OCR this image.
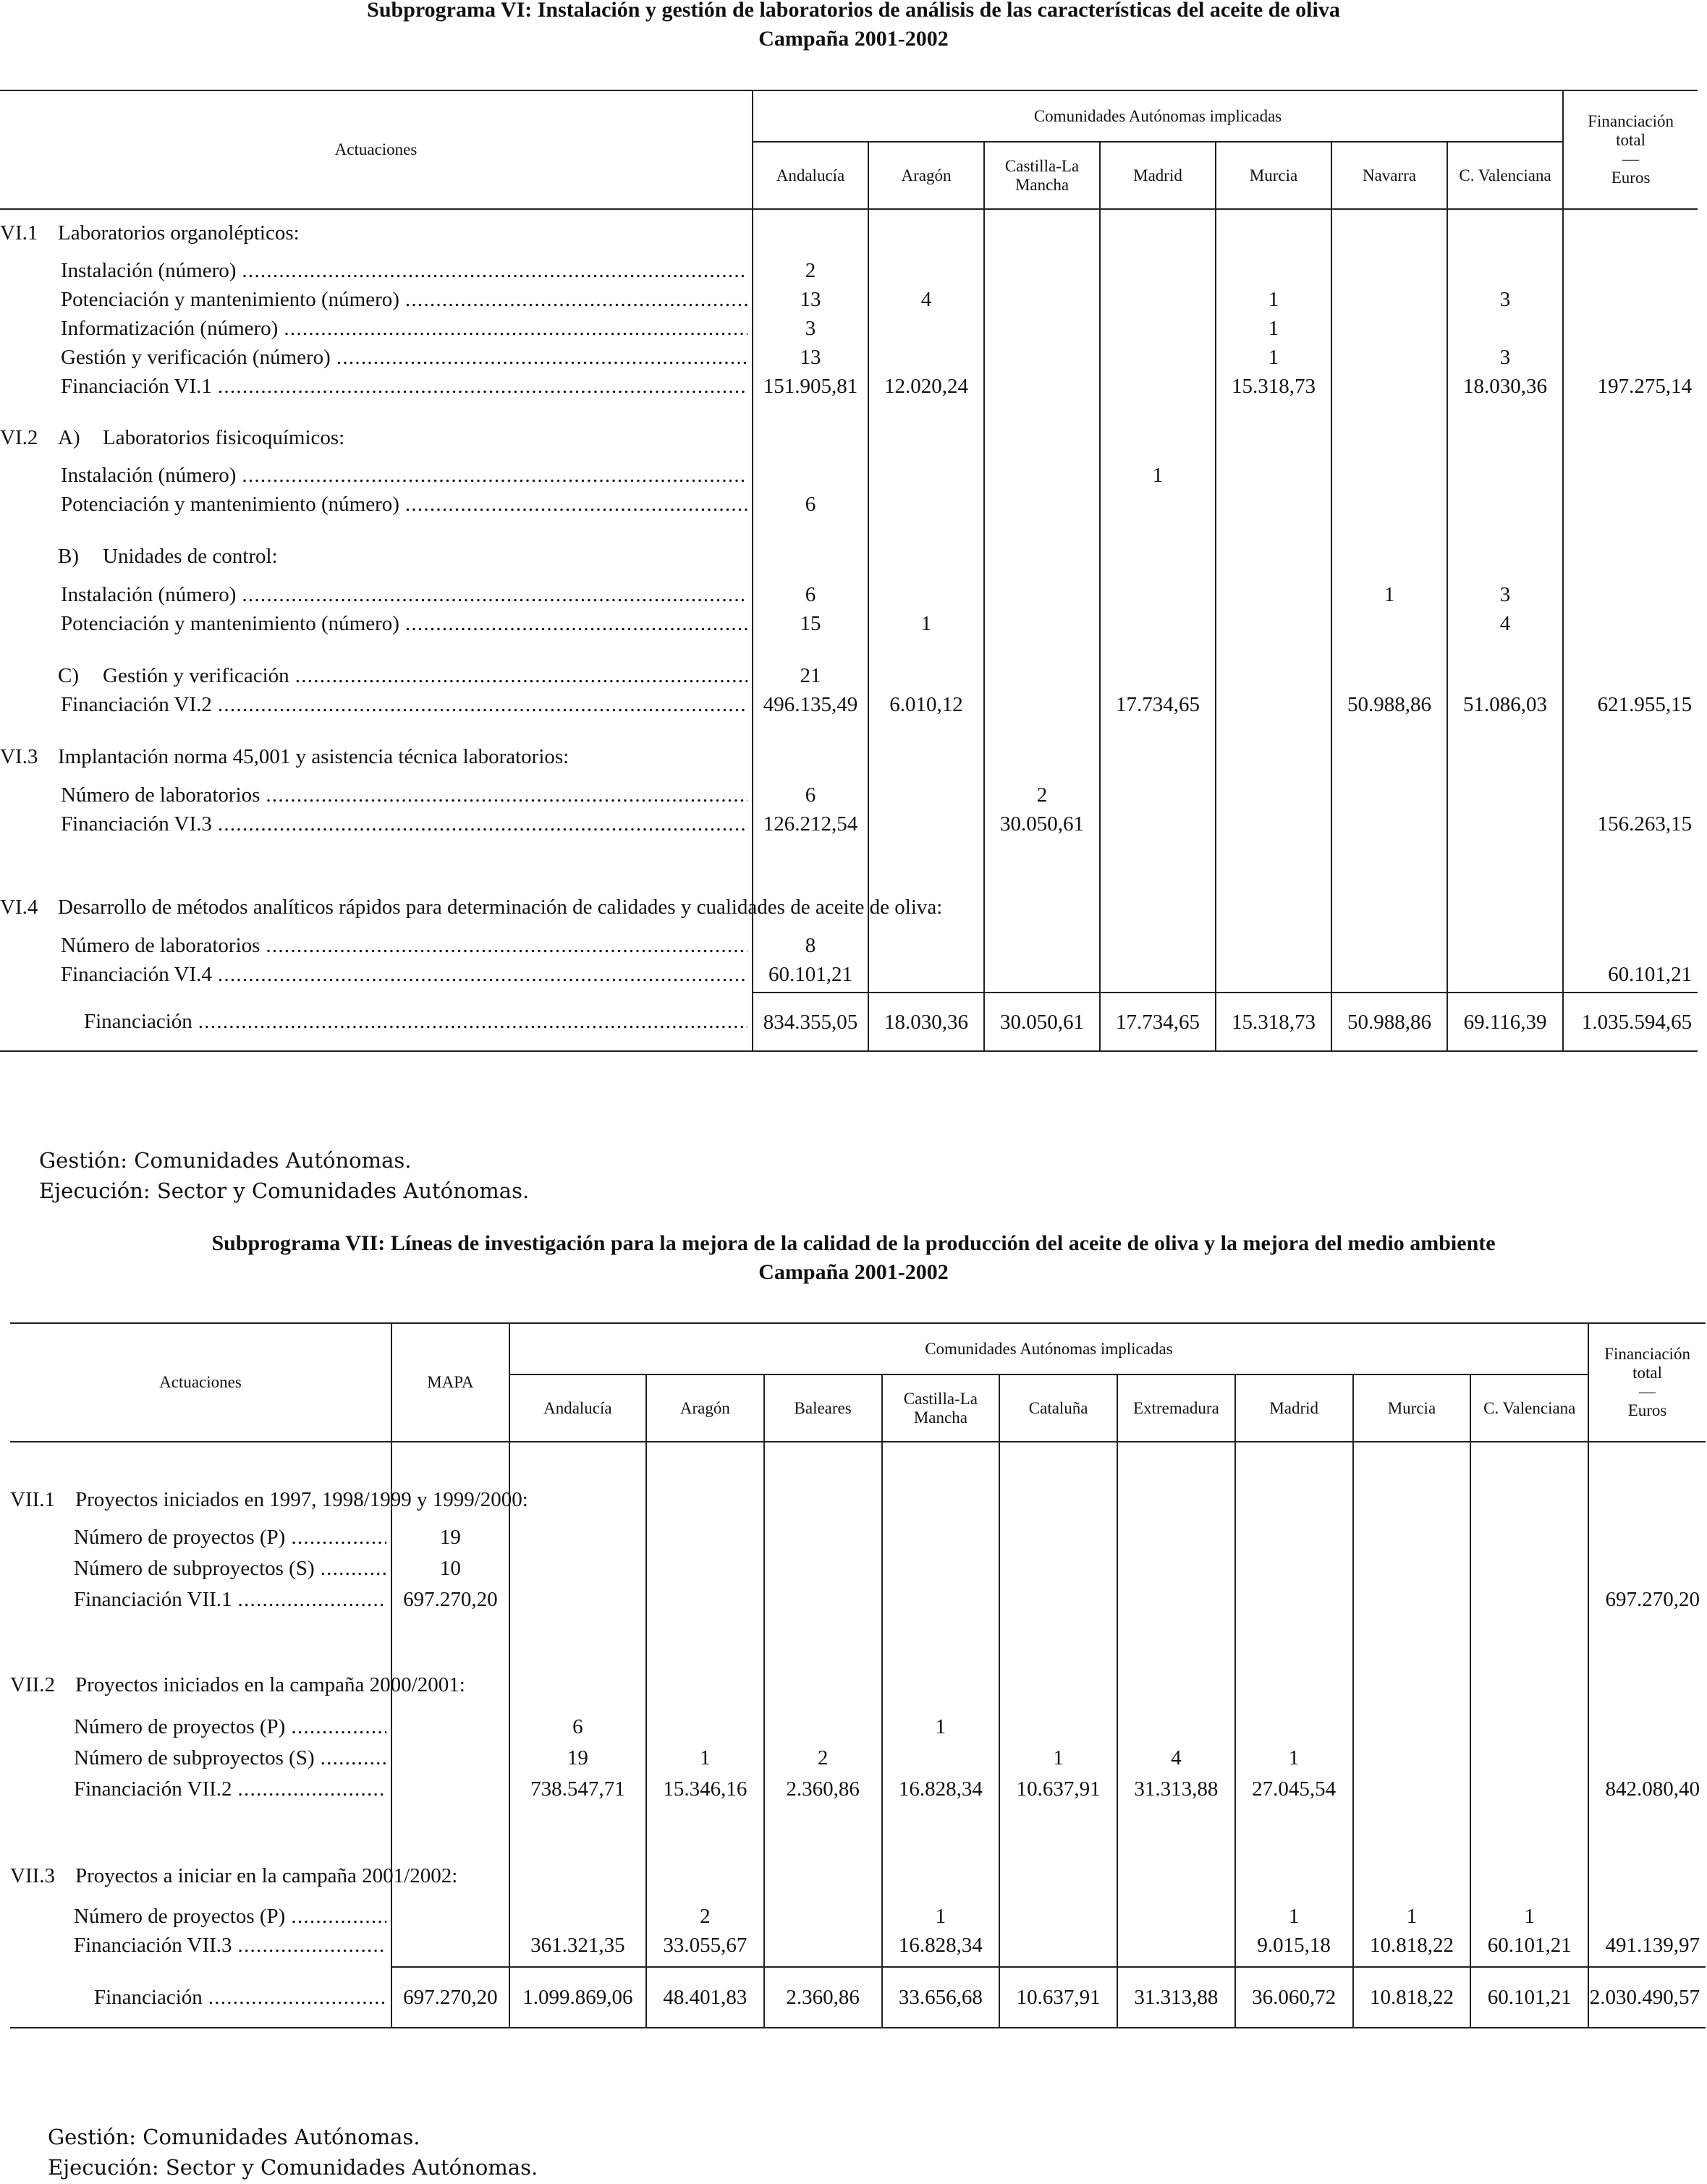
Subprograma VI: Instalación y gestión de laboratorios de análisis de las características del aceite de oliva
Campaña 2001-2002
Actuaciones	Comunidades Autónomas implicadas							Financiación
total
—
Euros

	Andalucía	Aragón	Castilla-La Mancha	Madrid	Murcia	Navarra	C. Valenciana	

VI.1 Laboratorios organolépticos:								

Instalación (número)
. . .	2							

Potenciación y mantenimiento (número)
. . .	13	4			1		3	

Informatización (número)
. . .	3				1			

Gestión y verificación (número)
. . .	13				1		3	

Financiación VI.1
. . .	151.905,81	12.020,24			15.318,73		18.030,36	197.275,14

VI.2 A) Laboratorios fisicoquímicos:								

Instalación (número)
. . .				1				

Potenciación y mantenimiento (número)
. . .	6							

B) Unidades de control:								

Instalación (número)
. . .	6					1	3	

Potenciación y mantenimiento (número)
. . .	15	1					4	

C) Gestión y verificación
. . .	21							

Financiación VI.2
. . .	496.135,49	6.010,12		17.734,65		50.988,86	51.086,03	621.955,15

VI.3 Implantación norma 45,001 y asistencia técnica laboratorios:								

Número de laboratorios
. . .	6		2					

Financiación VI.3
. . .	126.212,54		30.050,61					156.263,15

VI.4 Desarrollo de métodos analíticos rápidos para determinación de calidades y cualidades de aceite de oliva:								

Número de laboratorios
. . .	8							

Financiación VI.4
. . .	60.101,21							60.101,21

Financiación
. . .	834.355,05	18.030,36	30.050,61	17.734,65	15.318,73	50.988,86	69.116,39	1.035.594,65
Gestión: Comunidades Autónomas.
Ejecución: Sector y Comunidades Autónomas.
Subprograma VII: Líneas de investigación para la mejora de la calidad de la producción del aceite de oliva y la mejora del medio ambiente
Campaña 2001-2002
Actuaciones	MAPA	Comunidades Autónomas implicadas									Financiación
total
—
Euros

		Andalucía	Aragón	Baleares	Castilla-La Mancha	Cataluña	Extremadura	Madrid	Murcia	C. Valenciana	

VII.1 Proyectos iniciados en 1997, 1998/1999 y 1999/2000:											

Número de proyectos (P)
. . .	19										

Número de subproyectos (S)
. . .	10										

Financiación VII.1
. . .	697.270,20										697.270,20

VII.2 Proyectos iniciados en la campaña 2000/2001:											

Número de proyectos (P)
. . .		6			1						

Número de subproyectos (S)
. . .		19	1	2		1	4	1			

Financiación VII.2
. . .		738.547,71	15.346,16	2.360,86	16.828,34	10.637,91	31.313,88	27.045,54			842.080,40

VII.3 Proyectos a iniciar en la campaña 2001/2002:											

Número de proyectos (P)
. . .			2		1			1	1	1	

Financiación VII.3
. . .		361.321,35	33.055,67		16.828,34			9.015,18	10.818,22	60.101,21	491.139,97

Financiación
. . .	697.270,20	1.099.869,06	48.401,83	2.360,86	33.656,68	10.637,91	31.313,88	36.060,72	10.818,22	60.101,21	2.030.490,57
Gestión: Comunidades Autónomas.
Ejecución: Sector y Comunidades Autónomas.
